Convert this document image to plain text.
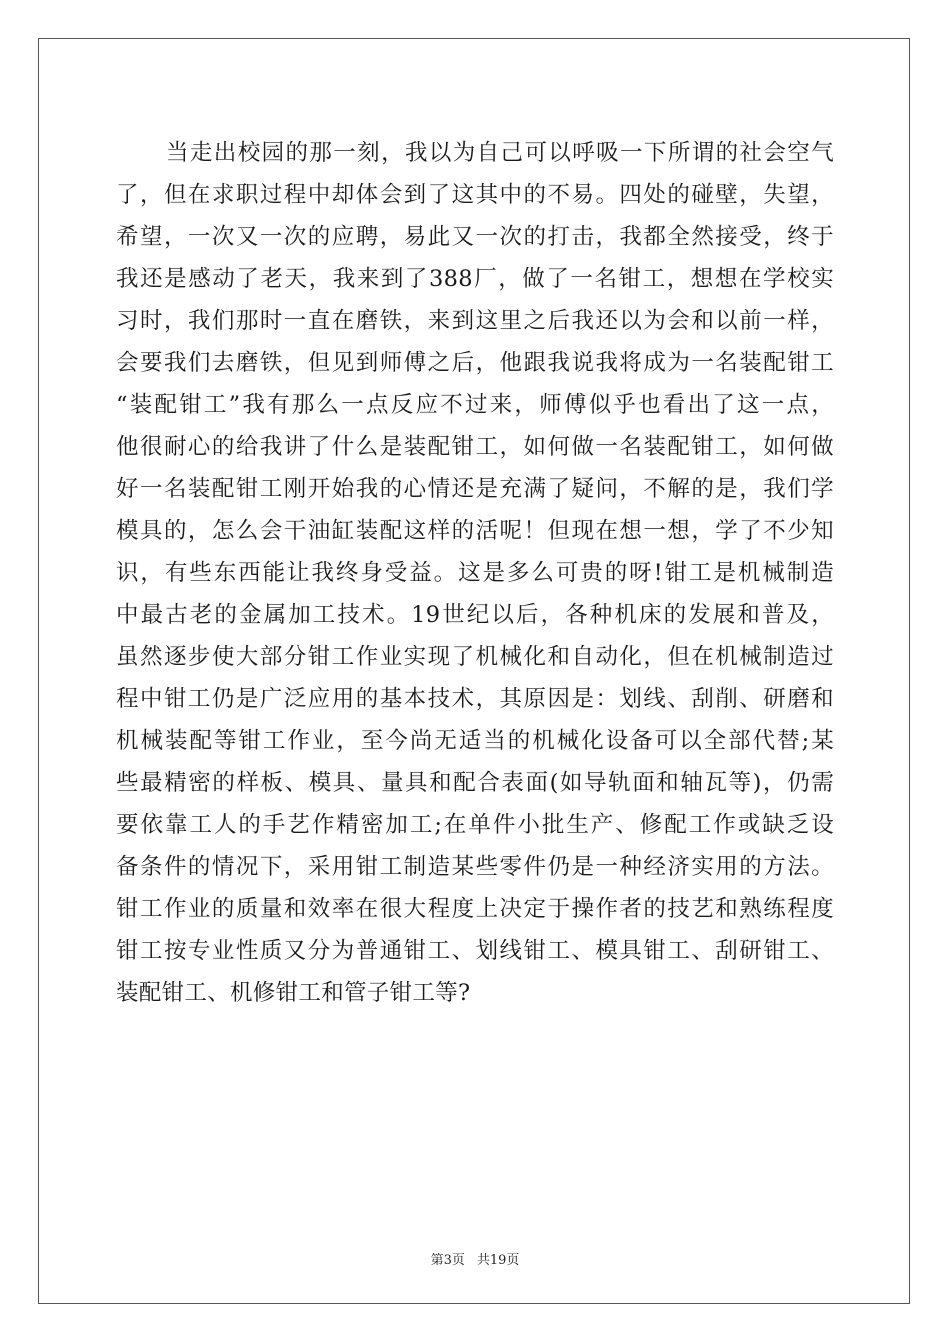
当走出校园的那一刻，我以为自己可以呼吸一下所谓的社会空气
了，但在求职过程中却体会到了这其中的不易。四处的碰壁，失望，
希望，一次又一次的应聘，易此又一次的打击，我都全然接受，终于
我还是感动了老天，我来到了388厂，做了一名钳工，想想在学校实
习时，我们那时一直在磨铁，来到这里之后我还以为会和以前一样，
会要我们去磨铁，但见到师傅之后，他跟我说我将成为一名装配钳工
“装配钳工”我有那么一点反应不过来，师傅似乎也看出了这一点，
他很耐心的给我讲了什么是装配钳工，如何做一名装配钳工，如何做
好一名装配钳工刚开始我的心情还是充满了疑问，不解的是，我们学
模具的，怎么会干油缸装配这样的活呢！但现在想一想，学了不少知
识，有些东西能让我终身受益。这是多么可贵的呀!钳工是机械制造
中最古老的金属加工技术。19世纪以后，各种机床的发展和普及，
虽然逐步使大部分钳工作业实现了机械化和自动化，但在机械制造过
程中钳工仍是广泛应用的基本技术，其原因是：划线、刮削、研磨和
机械装配等钳工作业，至今尚无适当的机械化设备可以全部代替;某
些最精密的样板、模具、量具和配合表面(如导轨面和轴瓦等)，仍需
要依靠工人的手艺作精密加工;在单件小批生产、修配工作或缺乏设
备条件的情况下，采用钳工制造某些零件仍是一种经济实用的方法。
钳工作业的质量和效率在很大程度上决定于操作者的技艺和熟练程度
钳工按专业性质又分为普通钳工、划线钳工、模具钳工、刮研钳工、
装配钳工、机修钳工和管子钳工等?
第3页 共19页
